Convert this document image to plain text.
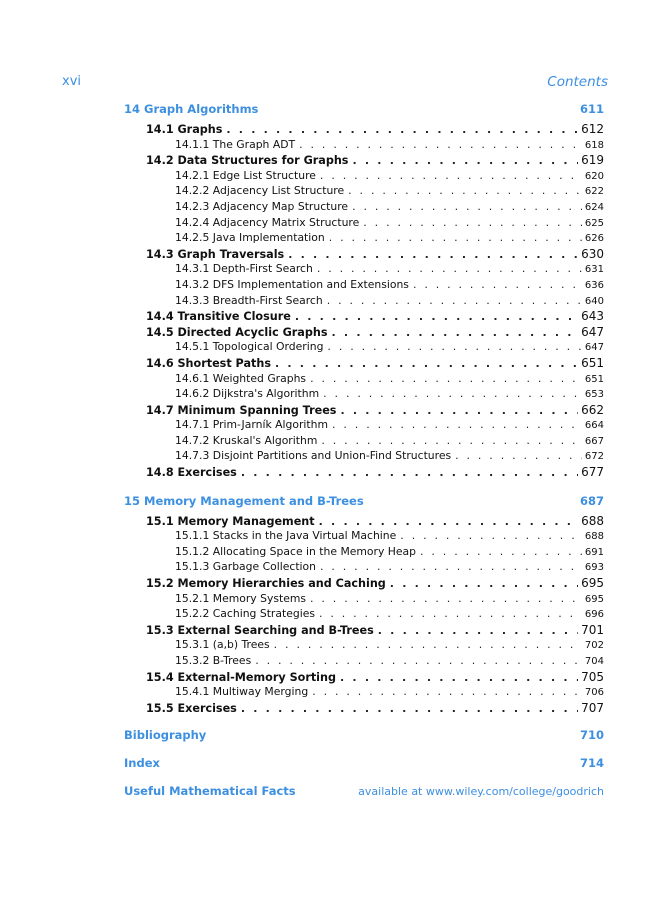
xvi	Contents
14 Graph Algorithms	611
14.1 Graphs . . .	612
14.1.1 The Graph ADT . . .	618
14.2 Data Structures for Graphs . . .	619
14.2.1 Edge List Structure . . .	620
14.2.2 Adjacency List Structure . . .	622
14.2.3 Adjacency Map Structure . . .	624
14.2.4 Adjacency Matrix Structure . . .	625
14.2.5 Java Implementation . . .	626
14.3 Graph Traversals . . .	630
14.3.1 Depth-First Search . . .	631
14.3.2 DFS Implementation and Extensions . . .	636
14.3.3 Breadth-First Search . . .	640
14.4 Transitive Closure . . .	643
14.5 Directed Acyclic Graphs . . .	647
14.5.1 Topological Ordering . . .	647
14.6 Shortest Paths . . .	651
14.6.1 Weighted Graphs . . .	651
14.6.2 Dijkstra's Algorithm . . .	653
14.7 Minimum Spanning Trees . . .	662
14.7.1 Prim-Jarník Algorithm . . .	664
14.7.2 Kruskal's Algorithm . . .	667
14.7.3 Disjoint Partitions and Union-Find Structures . . .	672
14.8 Exercises . . .	677
15 Memory Management and B-Trees	687
15.1 Memory Management . . .	688
15.1.1 Stacks in the Java Virtual Machine . . .	688
15.1.2 Allocating Space in the Memory Heap . . .	691
15.1.3 Garbage Collection . . .	693
15.2 Memory Hierarchies and Caching . . .	695
15.2.1 Memory Systems . . .	695
15.2.2 Caching Strategies . . .	696
15.3 External Searching and B-Trees . . .	701
15.3.1 (a,b) Trees . . .	702
15.3.2 B-Trees . . .	704
15.4 External-Memory Sorting . . .	705
15.4.1 Multiway Merging . . .	706
15.5 Exercises . . .	707
Bibliography	710
Index	714
Useful Mathematical Facts	available at www.wiley.com/college/goodrich
